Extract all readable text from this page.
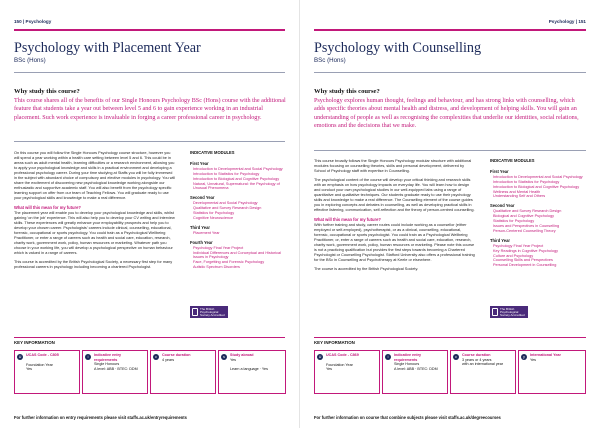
150 | Psychology
Psychology with Placement Year
BSc (Hons)
Why study this course?
This course shares all of the benefits of our Single Honours Psychology BSc (Hons) course with the additional feature that students take a year out between level 5 and 6 to gain experience working in an industrial placement. Such work experience is invaluable in forging a career professional career in psychology.

On this course you will follow the Single Honours Psychology course structure, however you will spend a year working within a health care setting between level 5 and 6. This could be in areas such as adult mental health, learning difficulties or a research environment, allowing you to apply your psychological knowledge and skills in a practical environment and developing a professional psychology career. During your time studying at Staffs you will be fully immersed in the subject with abundant choice of compulsory and elective modules in psychology. You will share the excitement of discovering new psychological knowledge working alongside our enthusiastic and supportive academic staff. You will also benefit from the psychology specific learning support on offer from our team of Teaching Fellows. You will graduate ready to use your psychological skills and knowledge to make a real difference.

What will this mean for my future?

The placement year will enable you to develop your psychological knowledge and skills, whilst gaining 'on the job' experience. This will also help you to develop your CV writing and interview skills. These experiences will greatly enhance your employability prospects and help you to develop your chosen career. Psychologists' careers include clinical, counselling, educational, forensic, occupational or sports psychology. You could train as a Psychological Wellbeing Practitioner, or enter a range of careers such as health and social care, education, research, charity work, government work, policy, human resources or marketing. Whatever path you choose in your working life, you will develop a psychological perspective on human behaviour which is valued in a range of careers.

This course is accredited by the British Psychological Society, a necessary first step for many professional careers in psychology including becoming a chartered Psychologist.

INDICATIVE MODULES
First Year
Introduction to Developmental and Social Psychology
Introduction to Statistics for Psychology
Introduction to Biological and Cognitive Psychology
Natural, Unnatural, Supernatural: the Psychology of Unusual Phenomena
Second Year
Developmental and Social Psychology
Qualitative and Survey Research Design
Statistics for Psychology
Cognitive Neuroscience
Third Year
Placement Year
Fourth Year
Psychology Final Year Project
Individual Differences and Conceptual and Historical Issues in Psychology
Face, Forgetting and Forensic Psychology
Autistic Spectrum Disorders
The British Psychological Society Accredited
KEY INFORMATION
U	UCAS Code - C805
Foundation Year
Yes
i	Indicative entry requirements
Single Honours
A level: ABB · BTEC: DDM
c	Course duration
4 years
s	Study abroad
Yes
Learn a language · Yes
For further information on entry requirements please visit staffs.ac.uk/entryrequirements
Psychology | 151
Psychology with Counselling
BSc (Hons)
Why study this course?
Psychology explores human thought, feelings and behaviour, and has strong links with counselling, which adds specific theories about mental health and distress, and development of helping skills. You will gain an understanding of people as well as recognising the complexities that underlie our identities, social relations, emotions and the decisions that we make.

This course broadly follows the Single Honours Psychology modular structure with additional modules focusing on counselling theories, skills and personal development, delivered by School of Psychology staff with expertise in Counselling.

The psychological content of the course will develop your critical thinking and research skills with an emphasis on how psychology impacts on everyday life. You will learn how to design and conduct your own psychological studies in our well-equipped labs using a range of quantitative and qualitative techniques. Our students graduate ready to use their psychology skills and knowledge to make a real difference. The Counselling element of the course guides you in exploring concepts and debates in counselling, as well as developing practical skills in effective listening, communication, self-reflection and the theory of person-centred counselling.

What will this mean for my future?

With further training and study, career routes could include working as a counsellor (either employed or self-employed), psychotherapist, or as a clinical, counselling, educational, forensic, occupational or sports psychologist. You could train as a Psychological Wellbeing Practitioner, or, enter a range of careers such as health and social care, education, research, charity work, government work, policy, human resources or marketing. Please note this course is not a practicing qualification but provides the first steps towards becoming a Chartered Psychologist or Counselling Psychologist. Stafford University also offers a professional training for the BSc in Counselling and Psychotherapy at Keele or elsewhere.

The course is accredited by the British Psychological Society.

INDICATIVE MODULES
First Year
Introduction to Developmental and Social Psychology
Introduction to Statistics for Psychology
Introduction to Biological and Cognitive Psychology
Wellness and Mental Health
Understanding Self and Others
Second Year
Qualitative and Survey Research Design
Biological and Cognitive Psychology
Statistics for Psychology
Issues and Perspectives in Counselling
Person-Centered Counselling Theory
Third Year
Psychology Final Year Project
Key Readings in Cognitive Psychology
Culture and Psychology
Counselling Skills and Perspectives
Personal Development in Counselling
The British Psychological Society Accredited
KEY INFORMATION
U	UCAS Code - C869
Foundation Year
Yes
i	Indicative entry requirements
Single Honours
A level: ABB · BTEC: DDM
c	Course duration
3 years or 4 years
with an international year
y	International Year
Yes
For further information on course that combine subjects please visit staffs.ac.uk/degreecourses
